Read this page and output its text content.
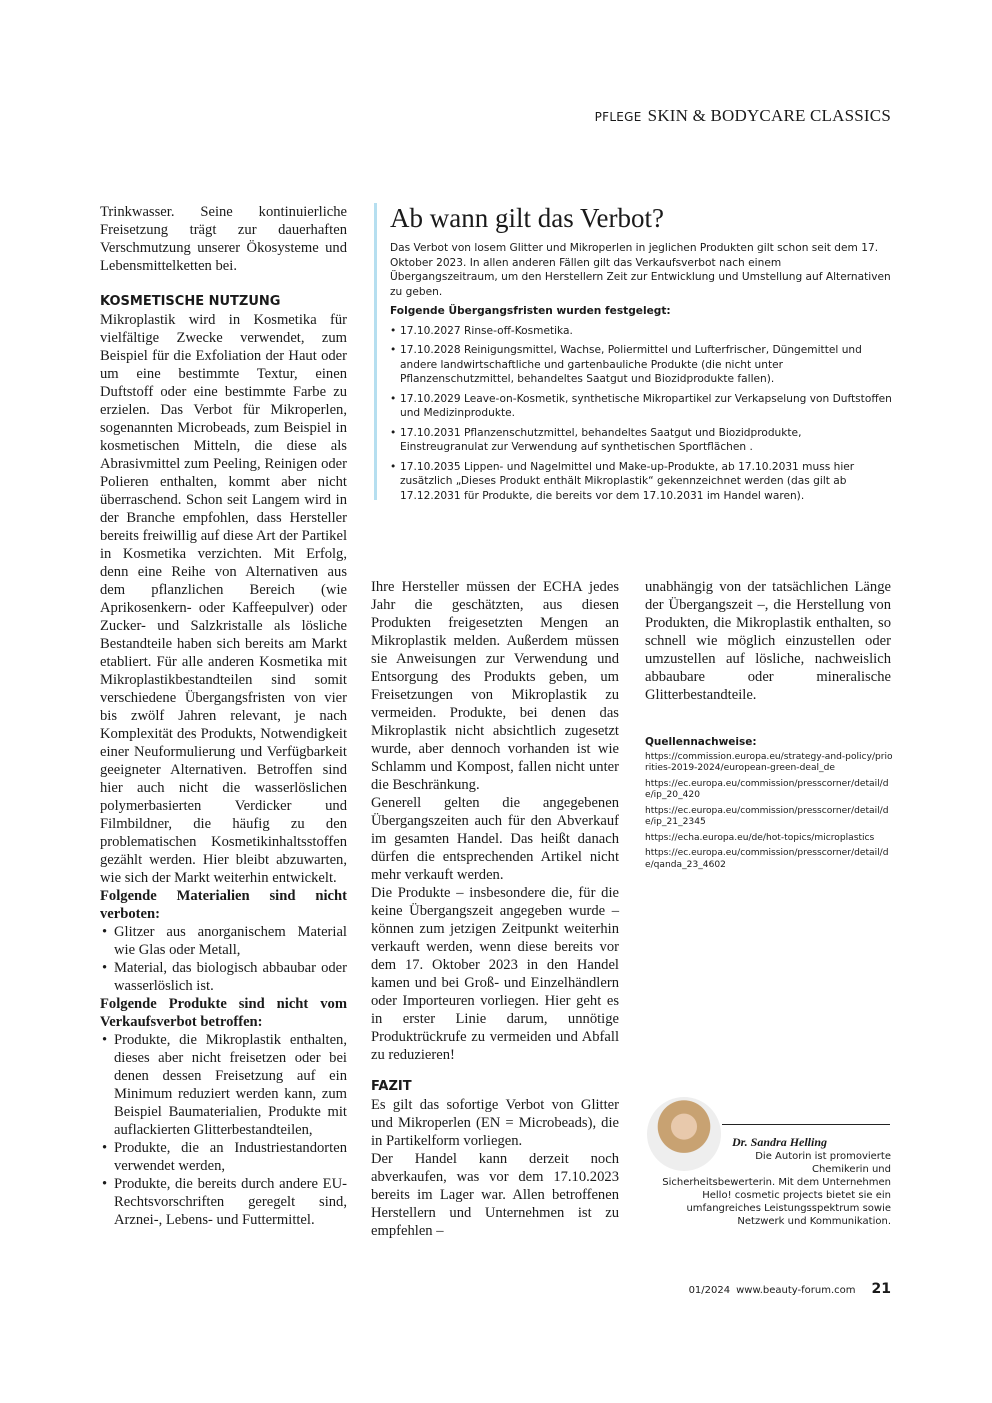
PFLEGE SKIN & BODYCARE CLASSICS

Trinkwasser. Seine kontinuierliche Freisetzung trägt zur dauerhaften Verschmutzung unserer Ökosysteme und Lebensmittelketten bei.

KOSMETISCHE NUTZUNG

Mikroplastik wird in Kosmetika für vielfältige Zwecke verwendet, zum Beispiel für die Exfoliation der Haut oder um eine bestimmte Textur, einen Duftstoff oder eine bestimmte Farbe zu erzielen. Das Verbot für Mikroperlen, sogenannten Microbeads, zum Beispiel in kosmetischen Mitteln, die diese als Abrasivmittel zum Peeling, Reinigen oder Polieren enthalten, kommt aber nicht überraschend. Schon seit Langem wird in der Branche empfohlen, dass Hersteller bereits freiwillig auf diese Art der Partikel in Kosmetika verzichten. Mit Erfolg, denn eine Reihe von Alternativen aus dem pflanzlichen Bereich (wie Aprikosenkern- oder Kaffeepulver) oder Zucker- und Salzkristalle als lösliche Bestandteile haben sich bereits am Markt etabliert. Für alle anderen Kosmetika mit Mikroplastikbestandteilen sind somit verschiedene Übergangsfristen von vier bis zwölf Jahren relevant, je nach Komplexität des Produkts, Notwendigkeit einer Neuformulierung und Verfügbarkeit geeigneter Alternativen. Betroffen sind hier auch nicht die wasserlöslichen polymerbasierten Verdicker und Filmbildner, die häufig zu den problematischen Kosmetikinhaltsstoffen gezählt werden. Hier bleibt abzuwarten, wie sich der Markt weiterhin entwickelt.

Folgende Materialien sind nicht verboten:

• Glitzer aus anorganischem Material wie Glas oder Metall,
• Material, das biologisch abbaubar oder wasserlöslich ist.

Folgende Produkte sind nicht vom Verkaufsverbot betroffen:

• Produkte, die Mikroplastik enthalten, dieses aber nicht freisetzen oder bei denen dessen Freisetzung auf ein Minimum reduziert werden kann, zum Beispiel Baumaterialien, Produkte mit auflackierten Glitterbestandteilen,
• Produkte, die an Industriestandorten verwendet werden,
• Produkte, die bereits durch andere EU-Rechtsvorschriften geregelt sind, Arznei-, Lebens- und Futtermittel.
Ab wann gilt das Verbot?

Das Verbot von losem Glitter und Mikroperlen in jeglichen Produkten gilt schon seit dem 17. Oktober 2023. In allen anderen Fällen gilt das Verkaufsverbot nach einem Übergangszeitraum, um den Herstellern Zeit zur Entwicklung und Umstellung auf Alternativen zu geben.

Folgende Übergangsfristen wurden festgelegt:

• 17.10.2027 Rinse-off-Kosmetika.
• 17.10.2028 Reinigungsmittel, Wachse, Poliermittel und Lufterfrischer, Düngemittel und andere landwirtschaftliche und gartenbauliche Produkte (die nicht unter Pflanzenschutzmittel, behandeltes Saatgut und Biozidprodukte fallen).
• 17.10.2029 Leave-on-Kosmetik, synthetische Mikropartikel zur Verkapselung von Duftstoffen und Medizinprodukte.
• 17.10.2031 Pflanzenschutzmittel, behandeltes Saatgut und Biozidprodukte, Einstreugranulat zur Verwendung auf synthetischen Sportflächen .
• 17.10.2035 Lippen- und Nagelmittel und Make-up-Produkte, ab 17.10.2031 muss hier zusätzlich „Dieses Produkt enthält Mikroplastik“ gekennzeichnet werden (das gilt ab 17.12.2031 für Produkte, die bereits vor dem 17.10.2031 im Handel waren).

Ihre Hersteller müssen der ECHA jedes Jahr die geschätzten, aus diesen Produkten freigesetzten Mengen an Mikroplastik melden. Außerdem müssen sie Anweisungen zur Verwendung und Entsorgung des Produkts geben, um Freisetzungen von Mikroplastik zu vermeiden. Produkte, bei denen das Mikroplastik nicht absichtlich zugesetzt wurde, aber dennoch vorhanden ist wie Schlamm und Kompost, fallen nicht unter die Beschränkung.

Generell gelten die angegebenen Übergangszeiten auch für den Abverkauf im gesamten Handel. Das heißt danach dürfen die entsprechenden Artikel nicht mehr verkauft werden.

Die Produkte – insbesondere die, für die keine Übergangszeit angegeben wurde – können zum jetzigen Zeitpunkt weiterhin verkauft werden, wenn diese bereits vor dem 17. Oktober 2023 in den Handel kamen und bei Groß- und Einzelhändlern oder Importeuren vorliegen. Hier geht es in erster Linie darum, unnötige Produktrückrufe zu vermeiden und Abfall zu reduzieren!

FAZIT

Es gilt das sofortige Verbot von Glitter und Mikroperlen (EN = Microbeads), die in Partikelform vorliegen.

Der Handel kann derzeit noch abverkaufen, was vor dem 17.10.2023 bereits im Lager war. Allen betroffenen Herstellern und Unternehmen ist zu empfehlen –

unabhängig von der tatsächlichen Länge der Übergangszeit –, die Herstellung von Produkten, die Mikroplastik enthalten, so schnell wie möglich einzustellen oder umzustellen auf lösliche, nachweislich abbaubare oder mineralische Glitterbestandteile.

Quellennachweise:
https://commission.europa.eu/strategy-and-policy/priorities-2019-2024/european-green-deal_de
https://ec.europa.eu/commission/presscorner/detail/de/ip_20_420
https://ec.europa.eu/commission/presscorner/detail/de/ip_21_2345
https://echa.europa.eu/de/hot-topics/microplastics
https://ec.europa.eu/commission/presscorner/detail/de/qanda_23_4602
Dr. Sandra Helling
Die Autorin ist promovierte Chemikerin und Sicherheitsbewerterin. Mit dem Unternehmen Hello! cosmetic projects bietet sie ein umfangreiches Leistungsspektrum sowie Netzwerk und Kommunikation.
01/2024 www.beauty-forum.com 21
